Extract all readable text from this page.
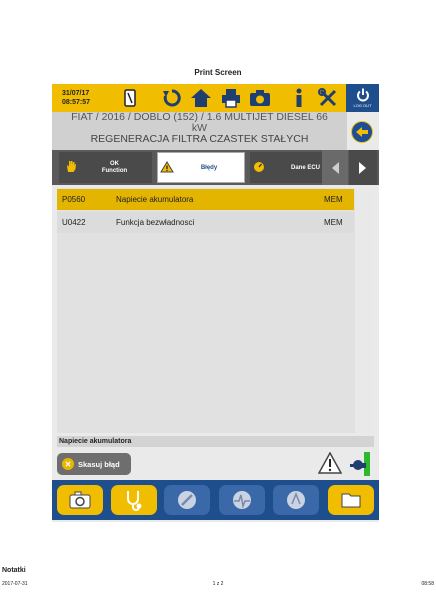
Print Screen
31/07/17
08:57:57	LOG OUT
FIAT / 2016 / DOBLO (152) / 1.6 MULTIJET DIESEL 66
kW
REGENERACJA FILTRA CZASTEK STAŁYCH
OK
Function	Błędy	Dane ECU
P0560	Napiecie akumulatora	MEM
U0422	Funkcja bezwładnosci	MEM
Napiecie akumulatora
✕ Skasuj błąd
Notatki
2017-07-31	1 z 2	08:58
